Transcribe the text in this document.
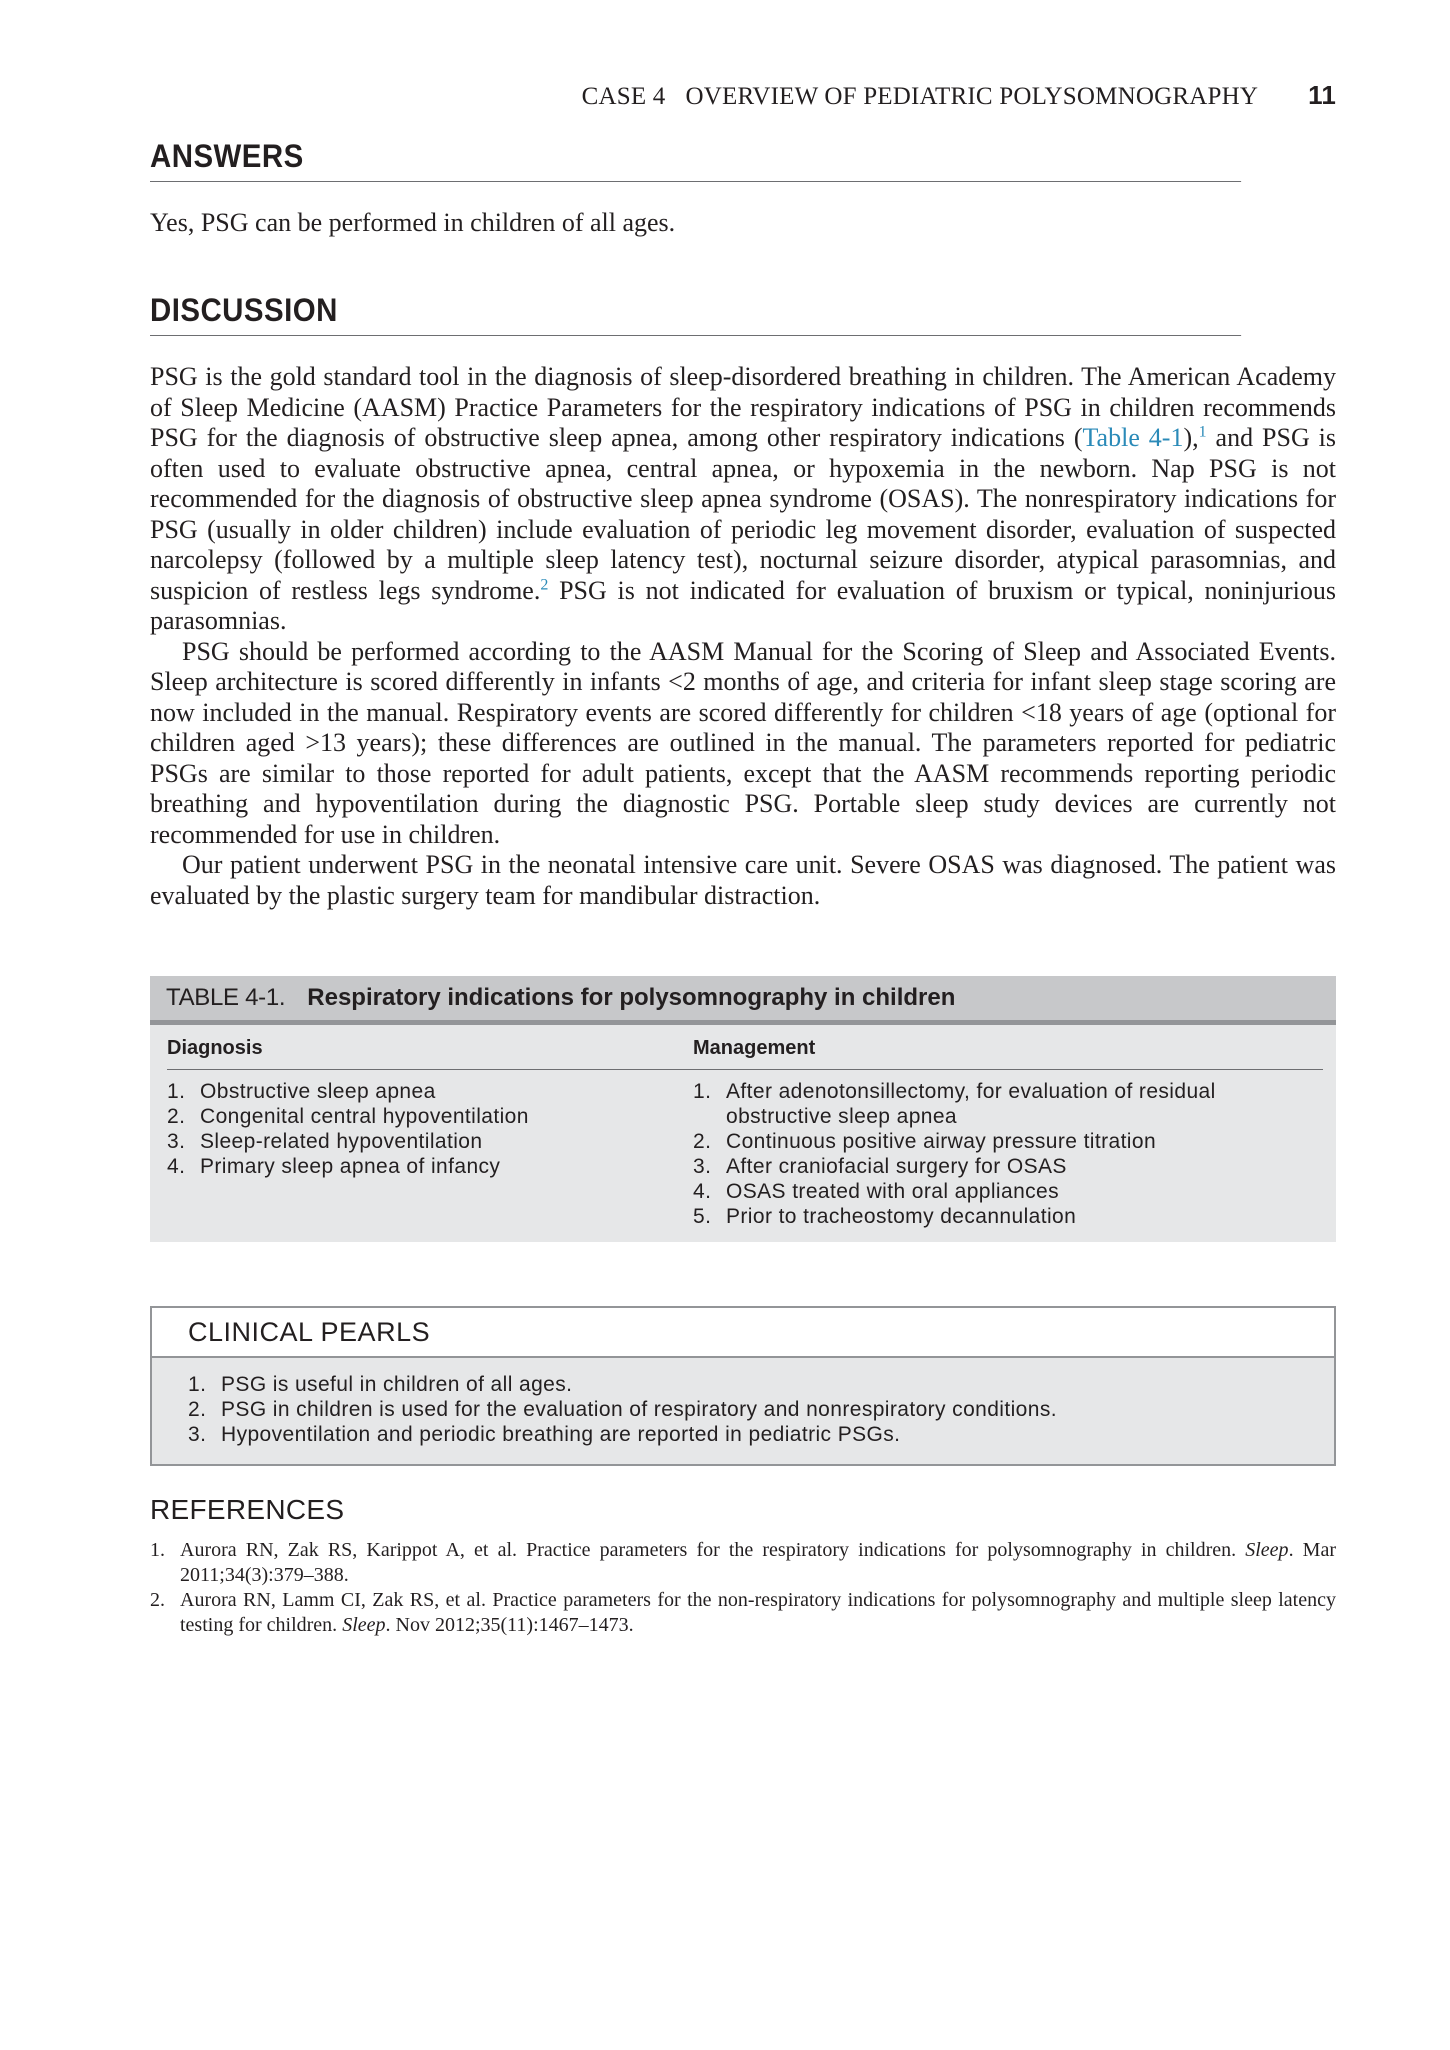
CASE 4 OVERVIEW OF PEDIATRIC POLYSOMNOGRAPHY 11
ANSWERS
Yes, PSG can be performed in children of all ages.
DISCUSSION

PSG is the gold standard tool in the diagnosis of sleep-disordered breathing in children. The American Academy of Sleep Medicine (AASM) Practice Parameters for the respiratory indications of PSG in children recommends PSG for the diagnosis of obstructive sleep apnea, among other respiratory indications (Table 4-1),$^1$ and PSG is often used to evaluate obstructive apnea, central apnea, or hypoxemia in the newborn. Nap PSG is not recommended for the diagnosis of obstructive sleep apnea syndrome (OSAS). The nonrespiratory indications for PSG (usually in older children) include evaluation of periodic leg movement disorder, evaluation of suspected narcolepsy (followed by a multiple sleep latency test), nocturnal seizure disorder, atypical parasomnias, and suspicion of restless legs syndrome.$^2$ PSG is not indicated for evaluation of bruxism or typical, noninjurious parasomnias.

PSG should be performed according to the AASM Manual for the Scoring of Sleep and Associated Events. Sleep architecture is scored differently in infants <2 months of age, and criteria for infant sleep stage scoring are now included in the manual. Respiratory events are scored differently for children <18 years of age (optional for children aged >13 years); these differences are outlined in the manual. The parameters reported for pediatric PSGs are similar to those reported for adult patients, except that the AASM recommends reporting periodic breathing and hypoventilation during the diagnostic PSG. Portable sleep study devices are currently not recommended for use in children.

Our patient underwent PSG in the neonatal intensive care unit. Severe OSAS was diagnosed. The patient was evaluated by the plastic surgery team for mandibular distraction.

TABLE 4-1. Respiratory indications for polysomnography in children
Diagnosis
1. Obstructive sleep apnea
2. Congenital central hypoventilation
3. Sleep-related hypoventilation
4. Primary sleep apnea of infancy
Management
1. After adenotonsillectomy, for evaluation of residual obstructive sleep apnea
2. Continuous positive airway pressure titration
3. After craniofacial surgery for OSAS
4. OSAS treated with oral appliances
5. Prior to tracheostomy decannulation
CLINICAL PEARLS
1. PSG is useful in children of all ages.
2. PSG in children is used for the evaluation of respiratory and nonrespiratory conditions.
3. Hypoventilation and periodic breathing are reported in pediatric PSGs.
REFERENCES
1. Aurora RN, Zak RS, Karippot A, et al. Practice parameters for the respiratory indications for polysomnography in children. Sleep. Mar 2011;34(3):379–388.
2. Aurora RN, Lamm CI, Zak RS, et al. Practice parameters for the non-respiratory indications for polysomnography and multiple sleep latency testing for children. Sleep. Nov 2012;35(11):1467–1473.
